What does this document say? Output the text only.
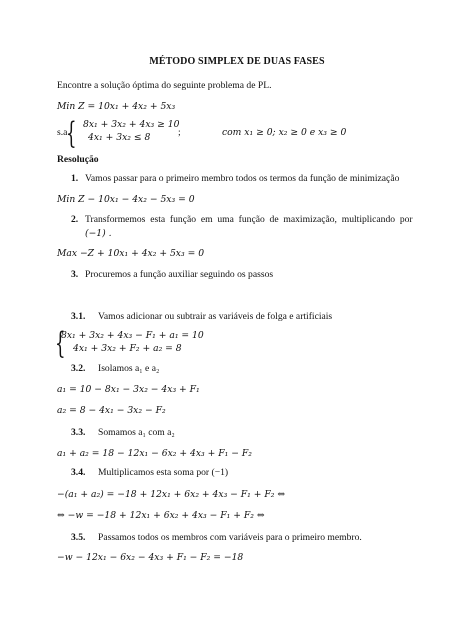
MÉTODO SIMPLEX DE DUAS FASES
Encontre a solução óptima do seguinte problema de PL.
Min Z = 10x₁ + 4x₂ + 5x₃
s.a
{ 8x₁ + 3x₂ + 4x₃ ≥ 10
4x₁ + 3x₂ ≤ 8	;	com x₁ ≥ 0; x₂ ≥ 0 e x₃ ≥ 0
Resolução
1. Vamos passar para o primeiro membro todos os termos da função de minimização
Min Z − 10x₁ − 4x₂ − 5x₃ = 0
2. Transformemos esta função em uma função de maximização, multiplicando por
(−1) .
Max −Z + 10x₁ + 4x₂ + 5x₃ = 0
3. Procuremos a função auxiliar seguindo os passos
3.1. Vamos adicionar ou subtrair as variáveis de folga e artificiais
{
8x₁ + 3x₂ + 4x₃ − F₁ + a₁ = 10
4x₁ + 3x₂ + F₂ + a₂ = 8
3.2. Isolamos a₁ e a₂
a₁ = 10 − 8x₁ − 3x₂ − 4x₃ + F₁
a₂ = 8 − 4x₁ − 3x₂ − F₂
3.3. Somamos a₁ com a₂
a₁ + a₂ = 18 − 12x₁ − 6x₂ + 4x₃ + F₁ − F₂
3.4. Multiplicamos esta soma por (−1)
−(a₁ + a₂) = −18 + 12x₁ + 6x₂ + 4x₃ − F₁ + F₂ ⇔
⇔ −w = −18 + 12x₁ + 6x₂ + 4x₃ − F₁ + F₂ ⇔
3.5. Passamos todos os membros com variáveis para o primeiro membro.
−w − 12x₁ − 6x₂ − 4x₃ + F₁ − F₂ = −18
